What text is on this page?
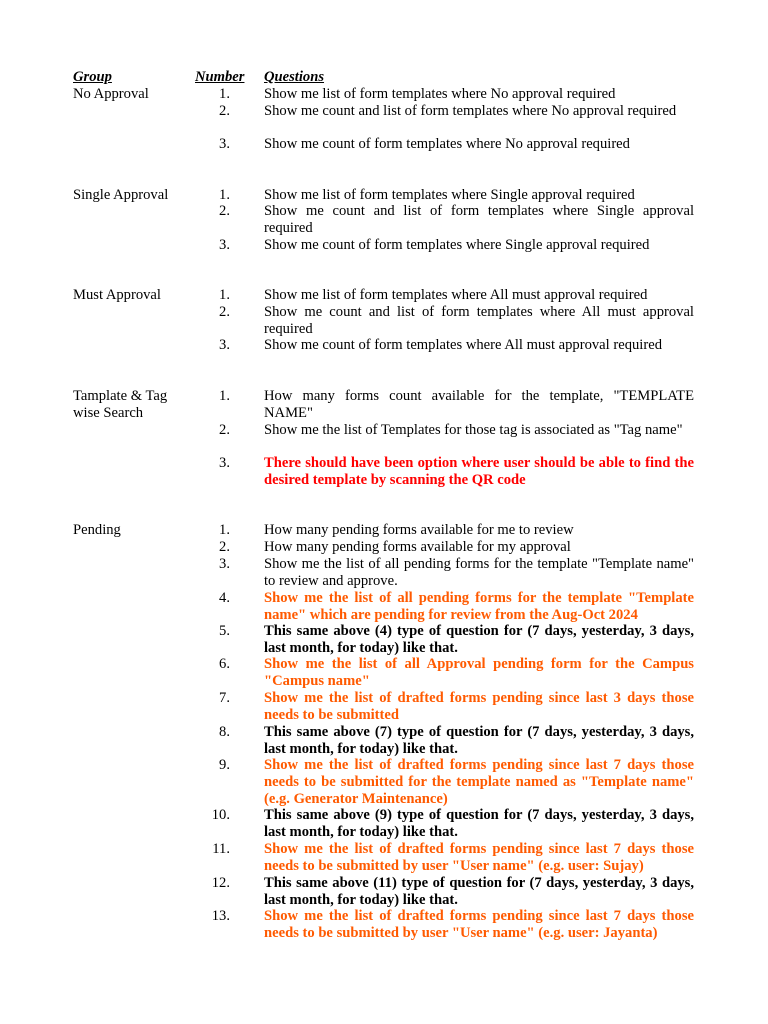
Group	Number Questions
No Approval	1. Show me list of form templates where No approval required
2. Show me count and list of form templates where No approval required
3. Show me count of form templates where No approval required
Single Approval	1. Show me list of form templates where Single approval required
2. Show me count and list of form templates where Single approval required
3. Show me count of form templates where Single approval required
Must Approval	1. Show me list of form templates where All must approval required
2. Show me count and list of form templates where All must approval required
3. Show me count of form templates where All must approval required
Tamplate & Tag wise Search
1. How many forms count available for the template, "TEMPLATE NAME"
2. Show me the list of Templates for those tag is associated as "Tag name"
3. There should have been option where user should be able to find the desired template by scanning the QR code
Pending	1. How many pending forms available for me to review
2. How many pending forms available for my approval
3. Show me the list of all pending forms for the template "Template name" to review and approve.
4. Show me the list of all pending forms for the template "Template name" which are pending for review from the Aug-Oct 2024
5. This same above (4) type of question for (7 days, yesterday, 3 days, last month, for today) like that.
6. Show me the list of all Approval pending form for the Campus "Campus name"
7. Show me the list of drafted forms pending since last 3 days those needs to be submitted
8. This same above (7) type of question for (7 days, yesterday, 3 days, last month, for today) like that.
9. Show me the list of drafted forms pending since last 7 days those needs to be submitted for the template named as "Template name" (e.g. Generator Maintenance)
10. This same above (9) type of question for (7 days, yesterday, 3 days, last month, for today) like that.
11. Show me the list of drafted forms pending since last 7 days those needs to be submitted by user "User name" (e.g. user: Sujay)
12. This same above (11) type of question for (7 days, yesterday, 3 days, last month, for today) like that.
13. Show me the list of drafted forms pending since last 7 days those needs to be submitted by user "User name" (e.g. user: Jayanta)
